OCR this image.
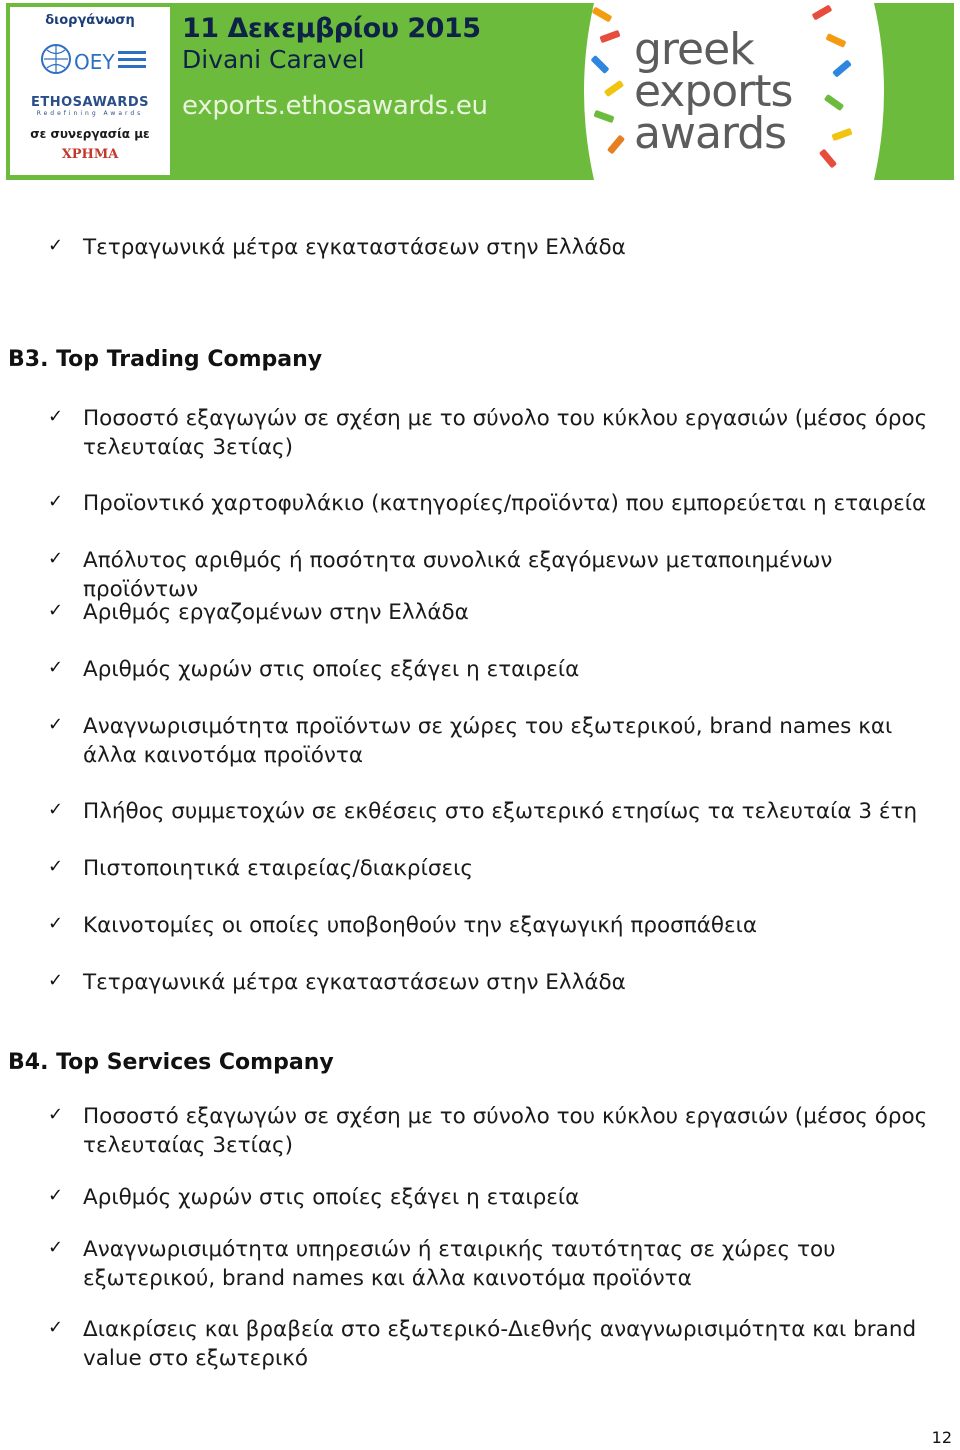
διοργάνωση
ΟΕΥ
ETHOSAWARDS
Redefining Awards
σε συνεργασία με
ΧΡΗΜΑ
11 Δεκεμβρίου 2015
Divani Caravel
exports.ethosawards.eu
greek
exports
awards
✓ Τετραγωνικά μέτρα εγκαταστάσεων στην Ελλάδα
Β3. Top Trading Company
✓ Ποσοστό εξαγωγών σε σχέση με το σύνολο του κύκλου εργασιών (μέσος όρος τελευταίας 3ετίας)
✓ Προϊοντικό χαρτοφυλάκιο (κατηγορίες/προϊόντα) που εμπορεύεται η εταιρεία
✓ Απόλυτος αριθμός ή ποσότητα συνολικά εξαγόμενων μεταποιημένων προϊόντων
✓ Αριθμός εργαζομένων στην Ελλάδα
✓ Αριθμός χωρών στις οποίες εξάγει η εταιρεία
✓ Αναγνωρισιμότητα προϊόντων σε χώρες του εξωτερικού, brand names και άλλα καινοτόμα προϊόντα
✓ Πλήθος συμμετοχών σε εκθέσεις στο εξωτερικό ετησίως τα τελευταία 3 έτη
✓ Πιστοποιητικά εταιρείας/διακρίσεις
✓ Καινοτομίες οι οποίες υποβοηθούν την εξαγωγική προσπάθεια
✓ Τετραγωνικά μέτρα εγκαταστάσεων στην Ελλάδα
Β4. Top Services Company
✓ Ποσοστό εξαγωγών σε σχέση με το σύνολο του κύκλου εργασιών (μέσος όρος τελευταίας 3ετίας)
✓ Αριθμός χωρών στις οποίες εξάγει η εταιρεία
✓ Αναγνωρισιμότητα υπηρεσιών ή εταιρικής ταυτότητας σε χώρες του εξωτερικού, brand names και άλλα καινοτόμα προϊόντα
✓ Διακρίσεις και βραβεία στο εξωτερικό-Διεθνής αναγνωρισιμότητα και brand value στο εξωτερικό
12
